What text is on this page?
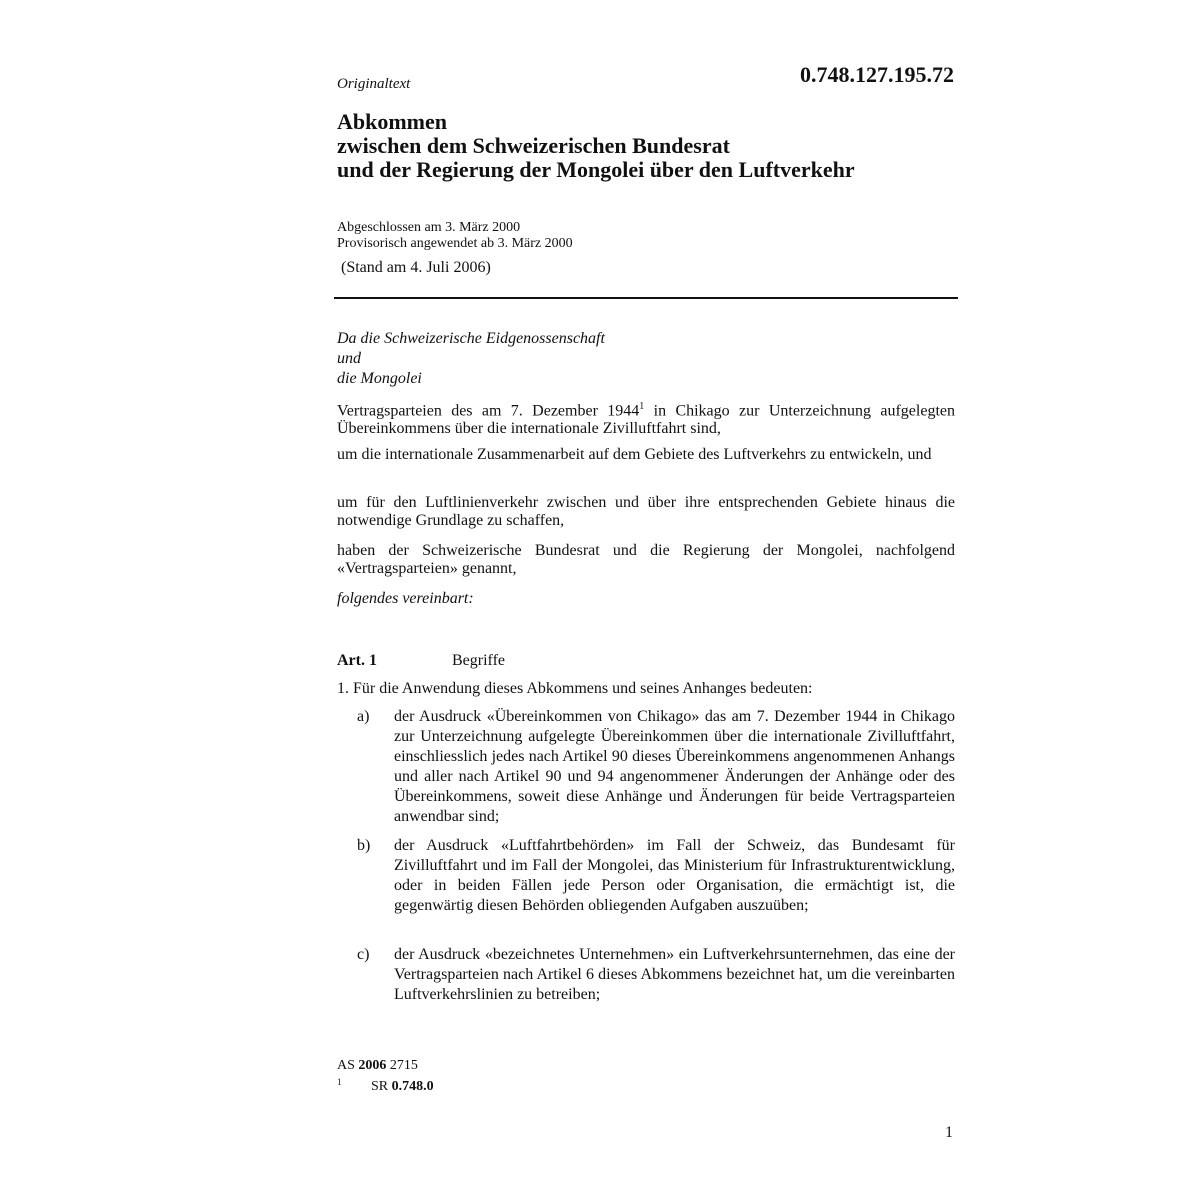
Originaltext	0.748.127.195.72
Abkommen
zwischen dem Schweizerischen Bundesrat
und der Regierung der Mongolei über den Luftverkehr
Abgeschlossen am 3. März 2000
Provisorisch angewendet ab 3. März 2000
(Stand am 4. Juli 2006)
Da die Schweizerische Eidgenossenschaft
und
die Mongolei
Vertragsparteien des am 7. Dezember 1944$^1$ in Chikago zur Unterzeichnung aufgelegten Übereinkommens über die internationale Zivilluftfahrt sind,
um die internationale Zusammenarbeit auf dem Gebiete des Luftverkehrs zu entwickeln, und
um für den Luftlinienverkehr zwischen und über ihre entsprechenden Gebiete hinaus die notwendige Grundlage zu schaffen,
haben der Schweizerische Bundesrat und die Regierung der Mongolei, nachfolgend «Vertragsparteien» genannt,
folgendes vereinbart:
Art. 1	Begriffe
1. Für die Anwendung dieses Abkommens und seines Anhanges bedeuten:
a) der Ausdruck «Übereinkommen von Chikago» das am 7. Dezember 1944 in Chikago zur Unterzeichnung aufgelegte Übereinkommen über die internationale Zivilluftfahrt, einschliesslich jedes nach Artikel 90 dieses Übereinkommens angenommenen Anhangs und aller nach Artikel 90 und 94 angenommener Änderungen der Anhänge oder des Übereinkommens, soweit diese Anhänge und Änderungen für beide Vertragsparteien anwendbar sind;
b) der Ausdruck «Luftfahrtbehörden» im Fall der Schweiz, das Bundesamt für Zivilluftfahrt und im Fall der Mongolei, das Ministerium für Infrastrukturentwicklung, oder in beiden Fällen jede Person oder Organisation, die ermächtigt ist, die gegenwärtig diesen Behörden obliegenden Aufgaben auszuüben;
c) der Ausdruck «bezeichnetes Unternehmen» ein Luftverkehrsunternehmen, das eine der Vertragsparteien nach Artikel 6 dieses Abkommens bezeichnet hat, um die vereinbarten Luftverkehrslinien zu betreiben;
AS 2006 2715
$^1$ SR 0.748.0
1
